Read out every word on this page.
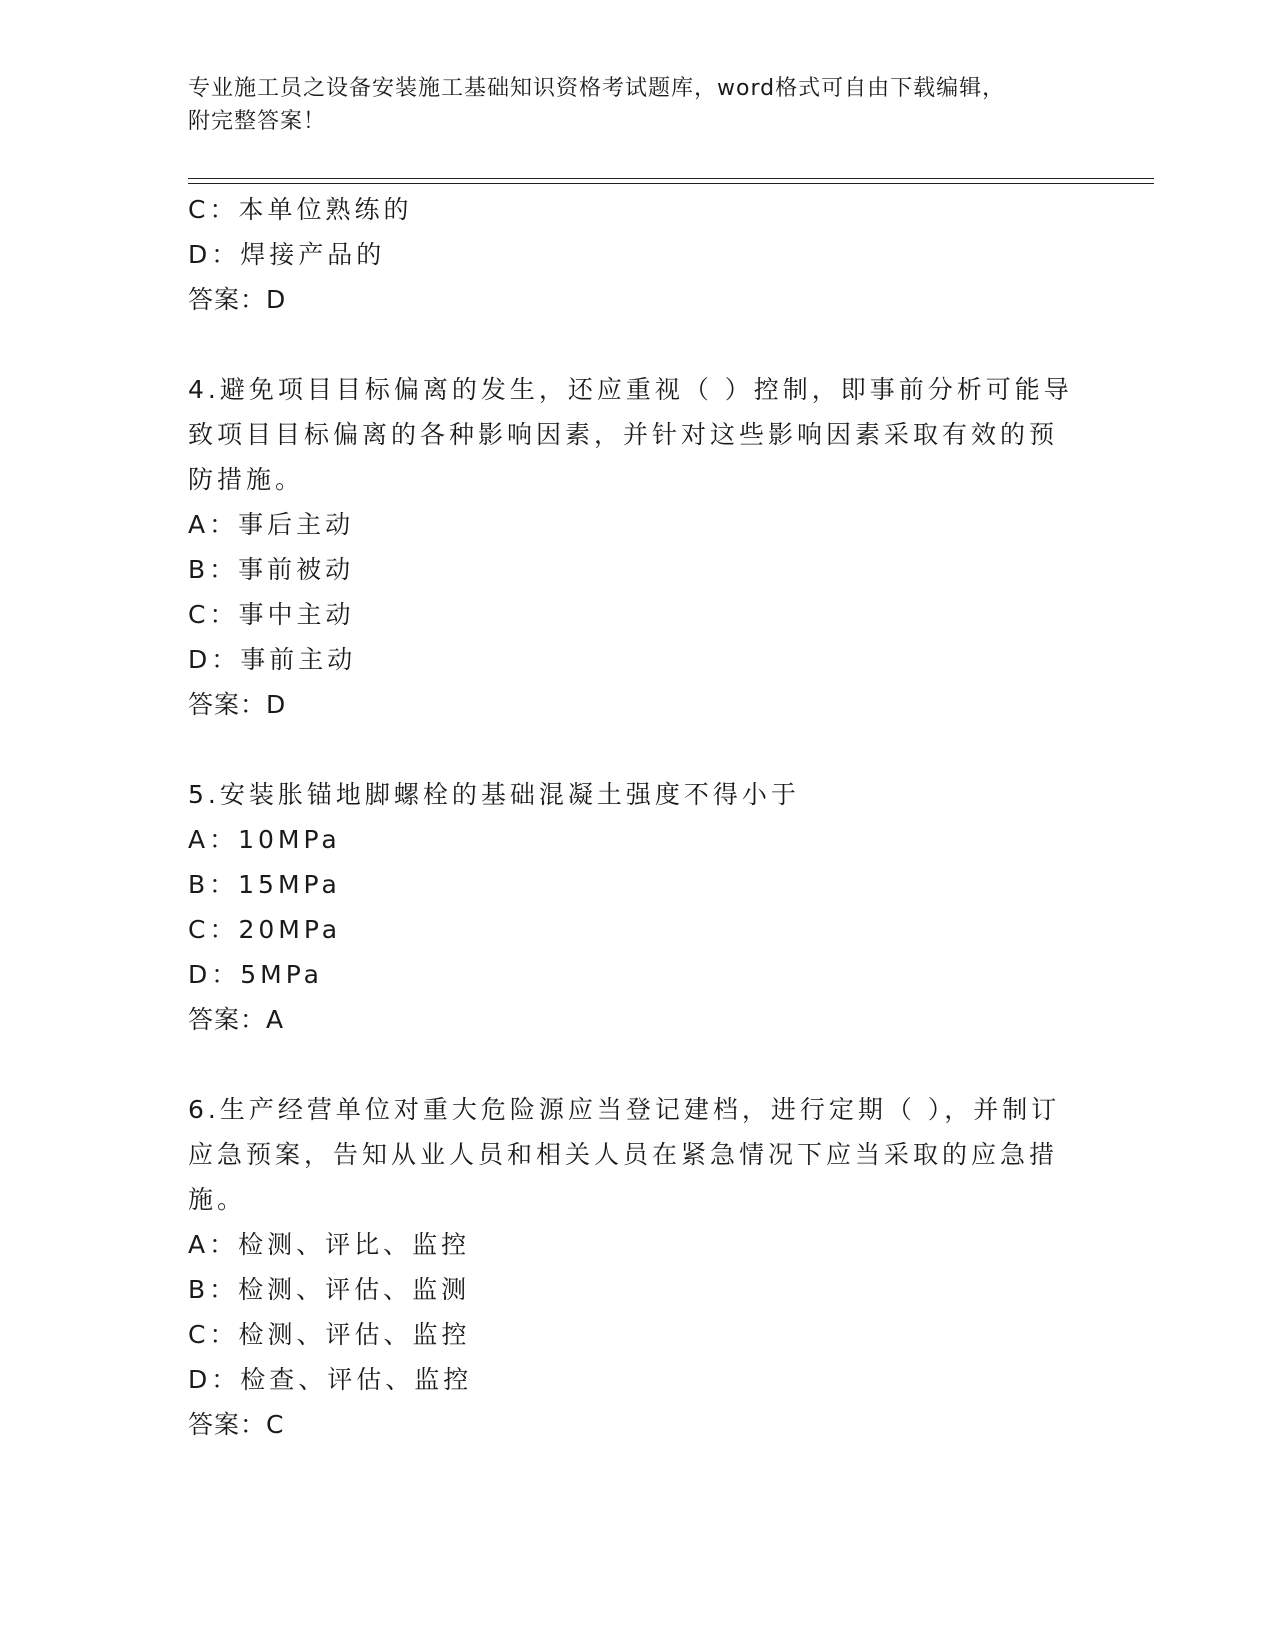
专业施工员之设备安装施工基础知识资格考试题库，word格式可自由下载编辑，
附完整答案！
C：本单位熟练的
D：焊接产品的
答案：D
4.避免项目目标偏离的发生，还应重视（ ）控制，即事前分析可能导
致项目目标偏离的各种影响因素，并针对这些影响因素采取有效的预
防措施。
A：事后主动
B：事前被动
C：事中主动
D：事前主动
答案：D
5.安装胀锚地脚螺栓的基础混凝土强度不得小于
A：10MPa
B：15MPa
C：20MPa
D：5MPa
答案：A
6.生产经营单位对重大危险源应当登记建档，进行定期（ ），并制订
应急预案，告知从业人员和相关人员在紧急情况下应当采取的应急措
施。
A：检测、评比、监控
B：检测、评估、监测
C：检测、评估、监控
D：检查、评估、监控
答案：C
